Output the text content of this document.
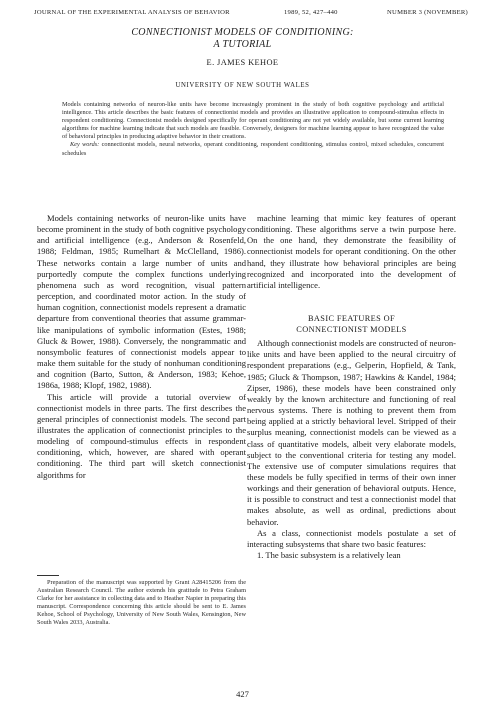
JOURNAL OF THE EXPERIMENTAL ANALYSIS OF BEHAVIOR	1989, 52, 427–440	NUMBER 3 (NOVEMBER)
CONNECTIONIST MODELS OF CONDITIONING:
A TUTORIAL
E. JAMES KEHOE
UNIVERSITY OF NEW SOUTH WALES

Models containing networks of neuron-like units have become increasingly prominent in the study of both cognitive psychology and artificial intelligence. This article describes the basic features of connectionist models and provides an illustrative application to compound-stimulus effects in respondent conditioning. Connectionist models designed specifically for operant conditioning are not yet widely available, but some current learning algorithms for machine learning indicate that such models are feasible. Conversely, designers for machine learning appear to have recognized the value of behavioral principles in producing adaptive behavior in their creations.

Key words: connectionist models, neural networks, operant conditioning, respondent conditioning, stimulus control, mixed schedules, concurrent schedules

Models containing networks of neuron-like units have become prominent in the study of both cognitive psychology and artificial intelligence (e.g., Anderson & Rosenfeld, 1988; Feldman, 1985; Rumelhart & McClelland, 1986). These networks contain a large number of units and purportedly compute the complex functions underlying phenomena such as word recognition, visual pattern perception, and coordinated motor action. In the study of human cognition, connectionist models represent a dramatic departure from conventional theories that assume grammar-like manipulations of symbolic information (Estes, 1988; Gluck & Bower, 1988). Conversely, the nongrammatic and nonsymbolic features of connectionist models appear to make them suitable for the study of nonhuman conditioning and cognition (Barto, Sutton, & Anderson, 1983; Kehoe, 1986a, 1988; Klopf, 1982, 1988).

This article will provide a tutorial overview of connectionist models in three parts. The first describes the general principles of connectionist models. The second part illustrates the application of connectionist principles to the modeling of compound-stimulus effects in respondent conditioning, which, however, are shared with operant conditioning. The third part will sketch connectionist algorithms for

machine learning that mimic key features of operant conditioning. These algorithms serve a twin purpose here. On the one hand, they demonstrate the feasibility of connectionist models for operant conditioning. On the other hand, they illustrate how behavioral principles are being recognized and incorporated into the development of artificial intelligence.

BASIC FEATURES OF
CONNECTIONIST MODELS

Although connectionist models are constructed of neuron-like units and have been applied to the neural circuitry of respondent preparations (e.g., Gelperin, Hopfield, & Tank, 1985; Gluck & Thompson, 1987; Hawkins & Kandel, 1984; Zipser, 1986), these models have been constrained only weakly by the known architecture and functioning of real nervous systems. There is nothing to prevent them from being applied at a strictly behavioral level. Stripped of their surplus meaning, connectionist models can be viewed as a class of quantitative models, albeit very elaborate models, subject to the conventional criteria for testing any model. The extensive use of computer simulations requires that these models be fully specified in terms of their own inner workings and their generation of behavioral outputs. Hence, it is possible to construct and test a connectionist model that makes absolute, as well as ordinal, predictions about behavior.

As a class, connectionist models postulate a set of interacting subsystems that share two basic features:

1. The basic subsystem is a relatively lean

Preparation of the manuscript was supported by Grant A28415206 from the Australian Research Council. The author extends his gratitude to Petra Graham Clarke for her assistance in collecting data and to Heather Napier in preparing this manuscript. Correspondence concerning this article should be sent to E. James Kehoe, School of Psychology, University of New South Wales, Kensington, New South Wales 2033, Australia.
427
